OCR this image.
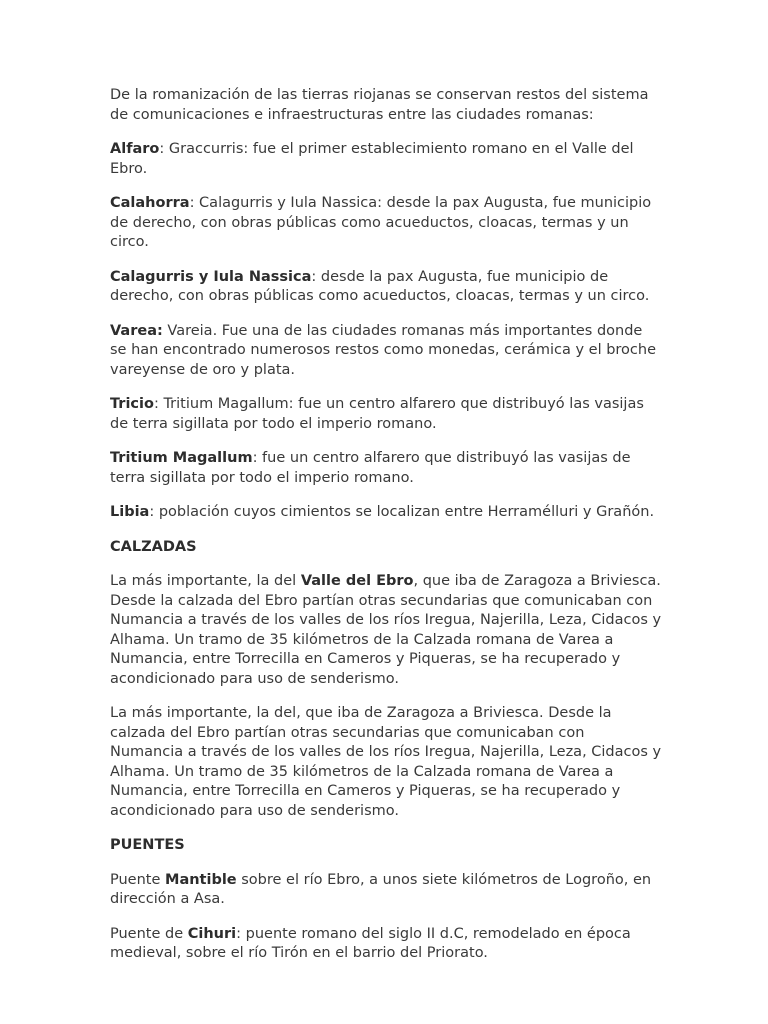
De la romanización de las tierras riojanas se conservan restos del sistema de comunicaciones e infraestructuras entre las ciudades romanas:

Alfaro: Graccurris: fue el primer establecimiento romano en el Valle del Ebro.

Calahorra: Calagurris y Iula Nassica: desde la pax Augusta, fue municipio de derecho, con obras públicas como acueductos, cloacas, termas y un circo.

Calagurris y Iula Nassica: desde la pax Augusta, fue municipio de derecho, con obras públicas como acueductos, cloacas, termas y un circo.

Varea: Vareia. Fue una de las ciudades romanas más importantes donde se han encontrado numerosos restos como monedas, cerámica y el broche vareyense de oro y plata.

Tricio: Tritium Magallum: fue un centro alfarero que distribuyó las vasijas de terra sigillata por todo el imperio romano.

Tritium Magallum: fue un centro alfarero que distribuyó las vasijas de terra sigillata por todo el imperio romano.

Libia: población cuyos cimientos se localizan entre Herramélluri y Grañón.

CALZADAS

La más importante, la del Valle del Ebro, que iba de Zaragoza a Briviesca. Desde la calzada del Ebro partían otras secundarias que comunicaban con Numancia a través de los valles de los ríos Iregua, Najerilla, Leza, Cidacos y Alhama. Un tramo de 35 kilómetros de la Calzada romana de Varea a Numancia, entre Torrecilla en Cameros y Piqueras, se ha recuperado y acondicionado para uso de senderismo.

La más importante, la del, que iba de Zaragoza a Briviesca. Desde la calzada del Ebro partían otras secundarias que comunicaban con Numancia a través de los valles de los ríos Iregua, Najerilla, Leza, Cidacos y Alhama. Un tramo de 35 kilómetros de la Calzada romana de Varea a Numancia, entre Torrecilla en Cameros y Piqueras, se ha recuperado y acondicionado para uso de senderismo.

PUENTES

Puente Mantible sobre el río Ebro, a unos siete kilómetros de Logroño, en dirección a Asa.

Puente de Cihuri: puente romano del siglo II d.C, remodelado en época medieval, sobre el río Tirón en el barrio del Priorato.
